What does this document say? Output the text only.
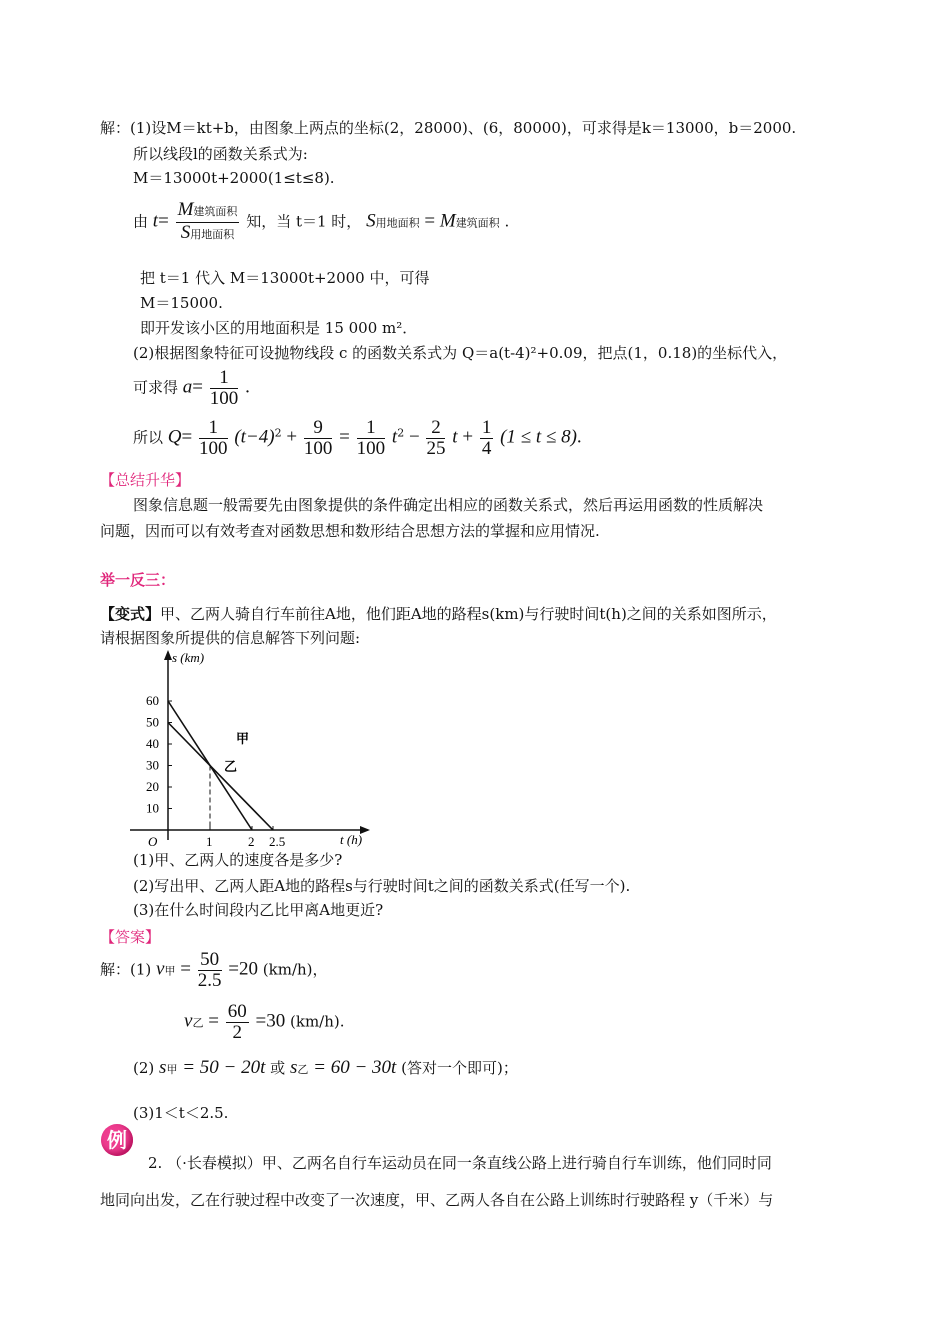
解：(1)设M＝kt+b，由图象上两点的坐标(2，28000)、(6，80000)，可求得是k＝13000，b＝2000.
所以线段l的函数关系式为:
M＝13000t+2000(1≤t≤8).
由 $t= \frac{\text{M建筑面积}}{\text{S用地面积}}$ 知，当 t＝1 时， S用地面积 = M建筑面积 .
把 t＝1 代入 M＝13000t+2000 中，可得
M＝15000.
即开发该小区的用地面积是 15 000 m²．
(2)根据图象特征可设抛物线段 c 的函数关系式为 Q＝a(t-4)²+0.09，把点(1，0.18)的坐标代入，
可求得 $a= \frac{1}{100}$ .
所以 $Q= \frac{1}{100} (t-4)^2 + \frac{9}{100} = \frac{1}{100} t^2 - \frac{2}{25}$ $t + \frac{1}{4} (1 \le t \le 8)$.
【总结升华】
图象信息题一般需要先由图象提供的条件确定出相应的函数关系式，然后再运用函数的性质解决
问题，因而可以有效考查对函数思想和数形结合思想方法的掌握和应用情况.
举一反三：
【变式】甲、乙两人骑自行车前往A地，他们距A地的路程s(km)与行驶时间t(h)之间的关系如图所示，
请根据图象所提供的信息解答下列问题:
s (km)
t (h)
O
10
20
30
40
50
60
1	2 2.5
甲
乙
(1)甲、乙两人的速度各是多少?
(2)写出甲、乙两人距A地的路程s与行驶时间t之间的函数关系式(任写一个).
(3)在什么时间段内乙比甲离A地更近?
【答案】
解：(1) v甲 = $\frac{50}{2.5} =20$ (km/h)，
v乙 = $\frac{60}{2} =30$ (km/h).
(2) s甲 = 50 − 20t 或 s乙 = 60 − 30t (答对一个即可)；
(3)1＜t＜2.5.
例
2. （·长春模拟）甲、乙两名自行车运动员在同一条直线公路上进行骑自行车训练，他们同时同
地同向出发，乙在行驶过程中改变了一次速度，甲、乙两人各自在公路上训练时行驶路程 y（千米）与
